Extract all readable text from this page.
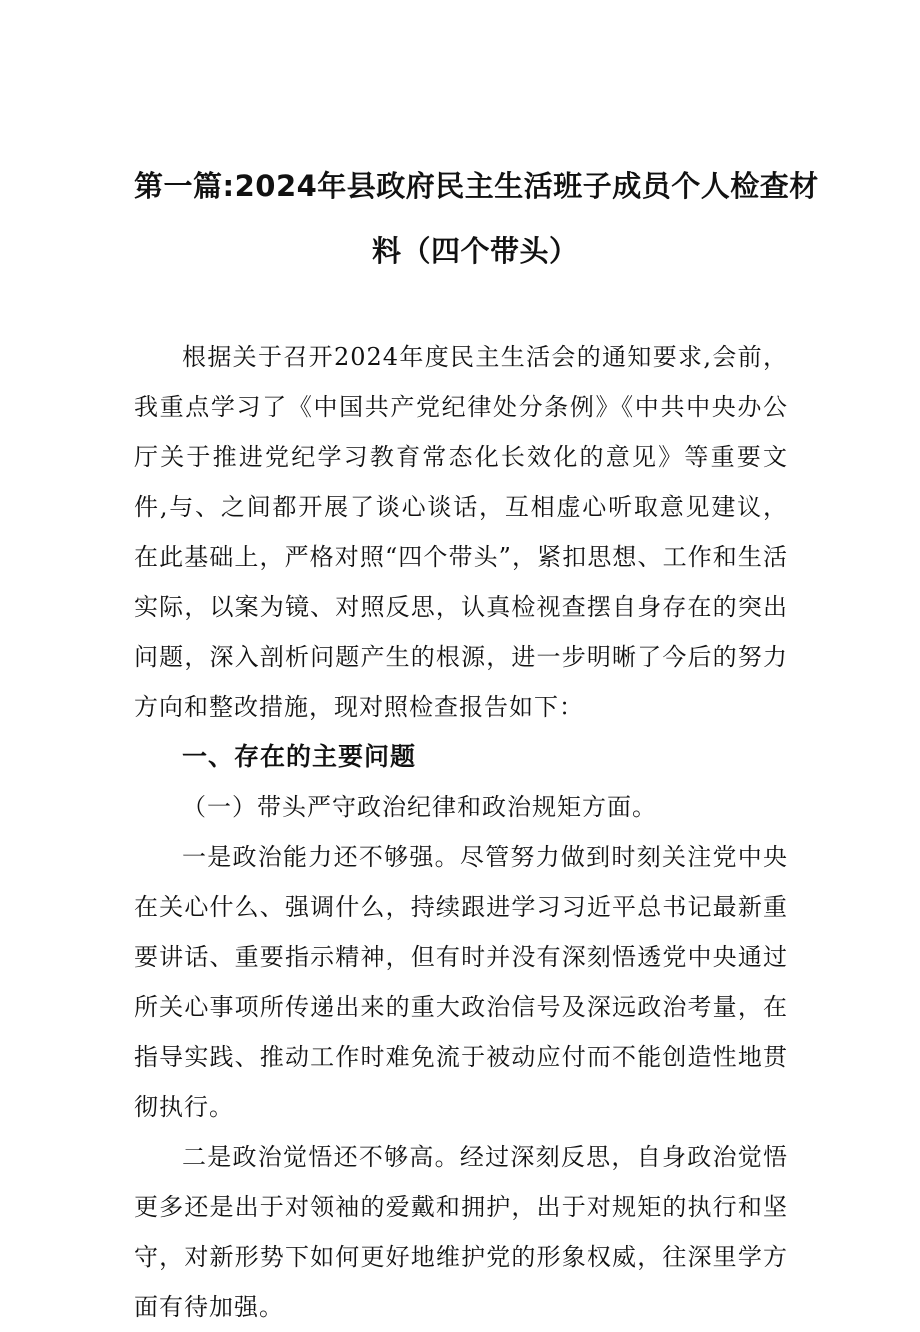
第一篇:2024年县政府民主生活班子成员个人检查材
料（四个带头）

根据关于召开2024年度民主生活会的通知要求,会前，我重点学习了《中国共产党纪律处分条例》《中共中央办公厅关于推进党纪学习教育常态化长效化的意见》等重要文件,与、之间都开展了谈心谈话，互相虚心听取意见建议，在此基础上，严格对照“四个带头”，紧扣思想、工作和生活实际，以案为镜、对照反思，认真检视查摆自身存在的突出问题，深入剖析问题产生的根源，进一步明晰了今后的努力方向和整改措施，现对照检查报告如下：

一、存在的主要问题

（一）带头严守政治纪律和政治规矩方面。

一是政治能力还不够强。尽管努力做到时刻关注党中央在关心什么、强调什么，持续跟进学习习近平总书记最新重要讲话、重要指示精神，但有时并没有深刻悟透党中央通过所关心事项所传递出来的重大政治信号及深远政治考量，在指导实践、推动工作时难免流于被动应付而不能创造性地贯彻执行。

二是政治觉悟还不够高。经过深刻反思，自身政治觉悟更多还是出于对领袖的爱戴和拥护，出于对规矩的执行和坚守，对新形势下如何更好地维护党的形象权威，往深里学方面有待加强。
